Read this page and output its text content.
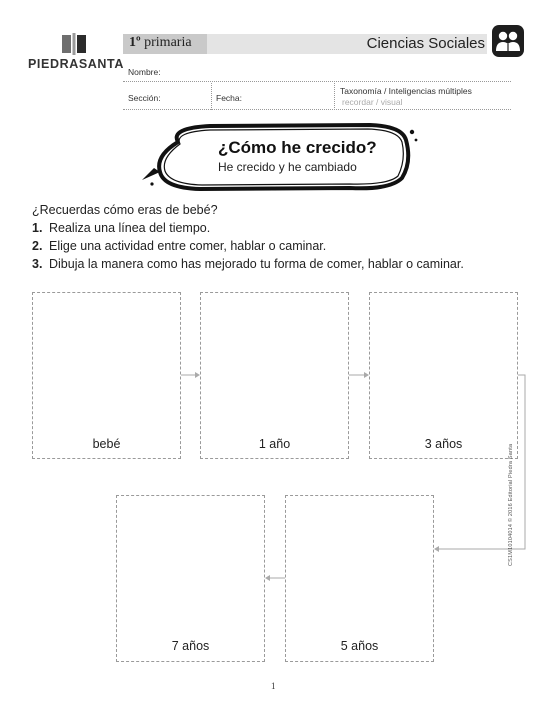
PIEDRASANTA
1º primaria	Ciencias Sociales
Nombre:
Sección:	Fecha:
Taxonomía / Inteligencias múltiples
recordar / visual
¿Cómo he crecido?
He crecido y he cambiado
¿Recuerdas cómo eras de bebé?
1. Realiza una línea del tiempo.
2. Elige una actividad entre comer, hablar o caminar.
3. Dibuja la manera como has mejorado tu forma de comer, hablar o caminar.
bebé	1 año	3 años
7 años	5 años
CS1M10104014 © 2016 Editorial Piedra Santa
1
